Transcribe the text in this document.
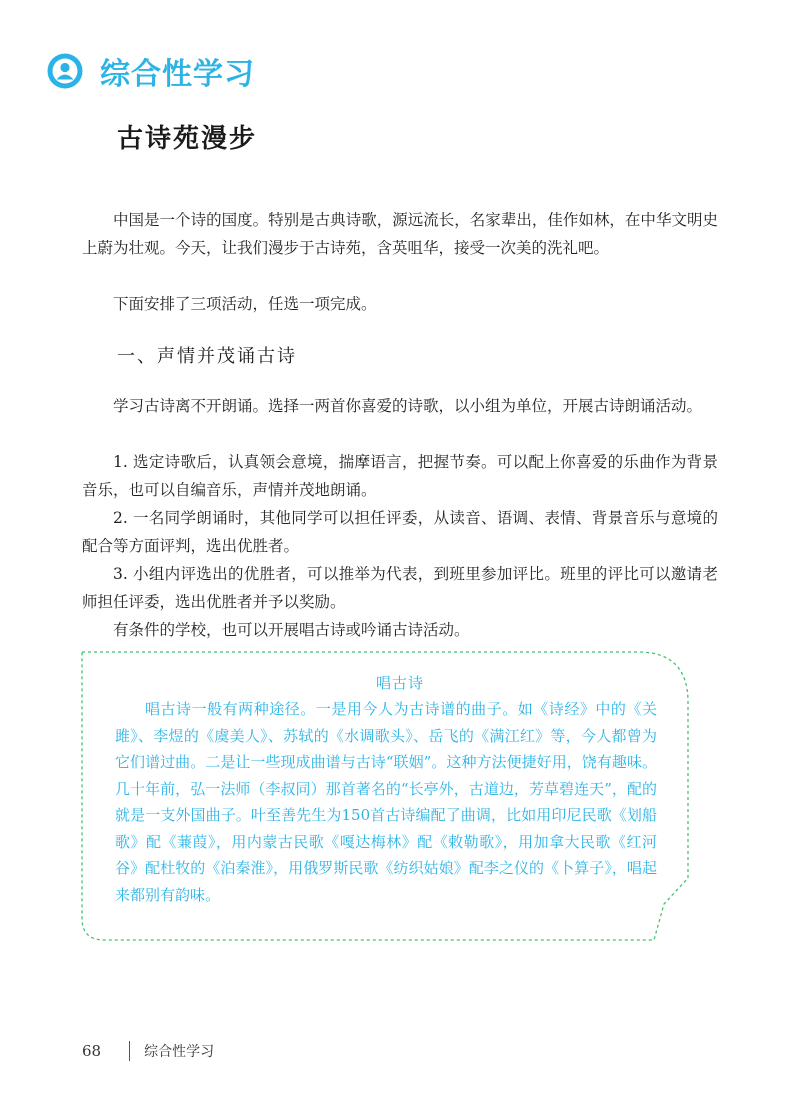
综合性学习
古诗苑漫步

中国是一个诗的国度。特别是古典诗歌，源远流长，名家辈出，佳作如林，在中华文明史上蔚为壮观。今天，让我们漫步于古诗苑，含英咀华，接受一次美的洗礼吧。

下面安排了三项活动，任选一项完成。

一、声情并茂诵古诗

学习古诗离不开朗诵。选择一两首你喜爱的诗歌，以小组为单位，开展古诗朗诵活动。

1. 选定诗歌后，认真领会意境，揣摩语言，把握节奏。可以配上你喜爱的乐曲作为背景音乐，也可以自编音乐，声情并茂地朗诵。

2. 一名同学朗诵时，其他同学可以担任评委，从读音、语调、表情、背景音乐与意境的配合等方面评判，选出优胜者。

3. 小组内评选出的优胜者，可以推举为代表，到班里参加评比。班里的评比可以邀请老师担任评委，选出优胜者并予以奖励。

有条件的学校，也可以开展唱古诗或吟诵古诗活动。

唱古诗

唱古诗一般有两种途径。一是用今人为古诗谱的曲子。如《诗经》中的《关雎》、李煜的《虞美人》、苏轼的《水调歌头》、岳飞的《满江红》等，今人都曾为它们谱过曲。二是让一些现成曲谱与古诗“联姻”。这种方法便捷好用，饶有趣味。几十年前，弘一法师（李叔同）那首著名的“长亭外，古道边，芳草碧连天”，配的就是一支外国曲子。叶至善先生为150首古诗编配了曲调，比如用印尼民歌《划船歌》配《蒹葭》，用内蒙古民歌《嘎达梅林》配《敕勒歌》，用加拿大民歌《红河谷》配杜牧的《泊秦淮》，用俄罗斯民歌《纺织姑娘》配李之仪的《卜算子》，唱起来都别有韵味。

68	综合性学习
